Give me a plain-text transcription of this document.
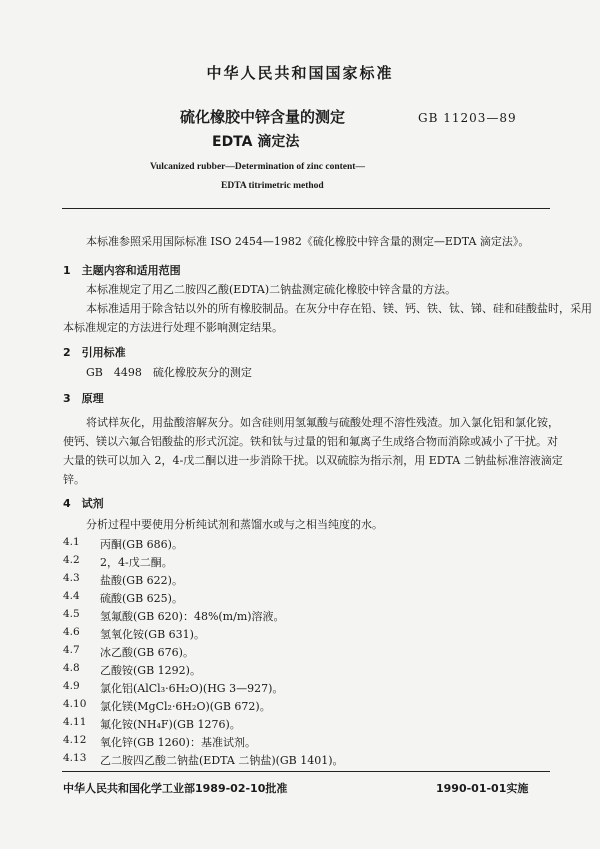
中华人民共和国国家标准
硫化橡胶中锌含量的测定
EDTA 滴定法
GB 11203—89
Vulcanized rubber—Determination of zinc content—
EDTA titrimetric method
本标准参照采用国际标准 ISO 2454—1982《硫化橡胶中锌含量的测定—EDTA 滴定法》。
1　主题内容和适用范围
本标准规定了用乙二胺四乙酸(EDTA)二钠盐测定硫化橡胶中锌含量的方法。
本标准适用于除含钴以外的所有橡胶制品。在灰分中存在铅、镁、钙、铁、钛、锑、硅和硅酸盐时，采用
本标准规定的方法进行处理不影响测定结果。
2　引用标准
GB　4498　硫化橡胶灰分的测定
3　原理
将试样灰化，用盐酸溶解灰分。如含硅则用氢氟酸与硫酸处理不溶性残渣。加入氯化铝和氯化铵，
使钙、镁以六氟合铝酸盐的形式沉淀。铁和钛与过量的铝和氟离子生成络合物而消除或减小了干扰。对
大量的铁可以加入 2，4-戊二酮以进一步消除干扰。以双硫腙为指示剂，用 EDTA 二钠盐标准溶液滴定
锌。
4　试剂
分析过程中要使用分析纯试剂和蒸馏水或与之相当纯度的水。
4.1 丙酮(GB 686)。
4.2 2，4-戊二酮。
4.3 盐酸(GB 622)。
4.4 硫酸(GB 625)。
4.5 氢氟酸(GB 620)：48%(m/m)溶液。
4.6 氢氧化铵(GB 631)。
4.7 冰乙酸(GB 676)。
4.8 乙酸铵(GB 1292)。
4.9 氯化铝(AlCl₃·6H₂O)(HG 3—927)。
4.10 氯化镁(MgCl₂·6H₂O)(GB 672)。
4.11 氟化铵(NH₄F)(GB 1276)。
4.12 氧化锌(GB 1260)：基准试剂。
4.13 乙二胺四乙酸二钠盐(EDTA 二钠盐)(GB 1401)。
中华人民共和国化学工业部1989-02-10批准	1990-01-01实施
